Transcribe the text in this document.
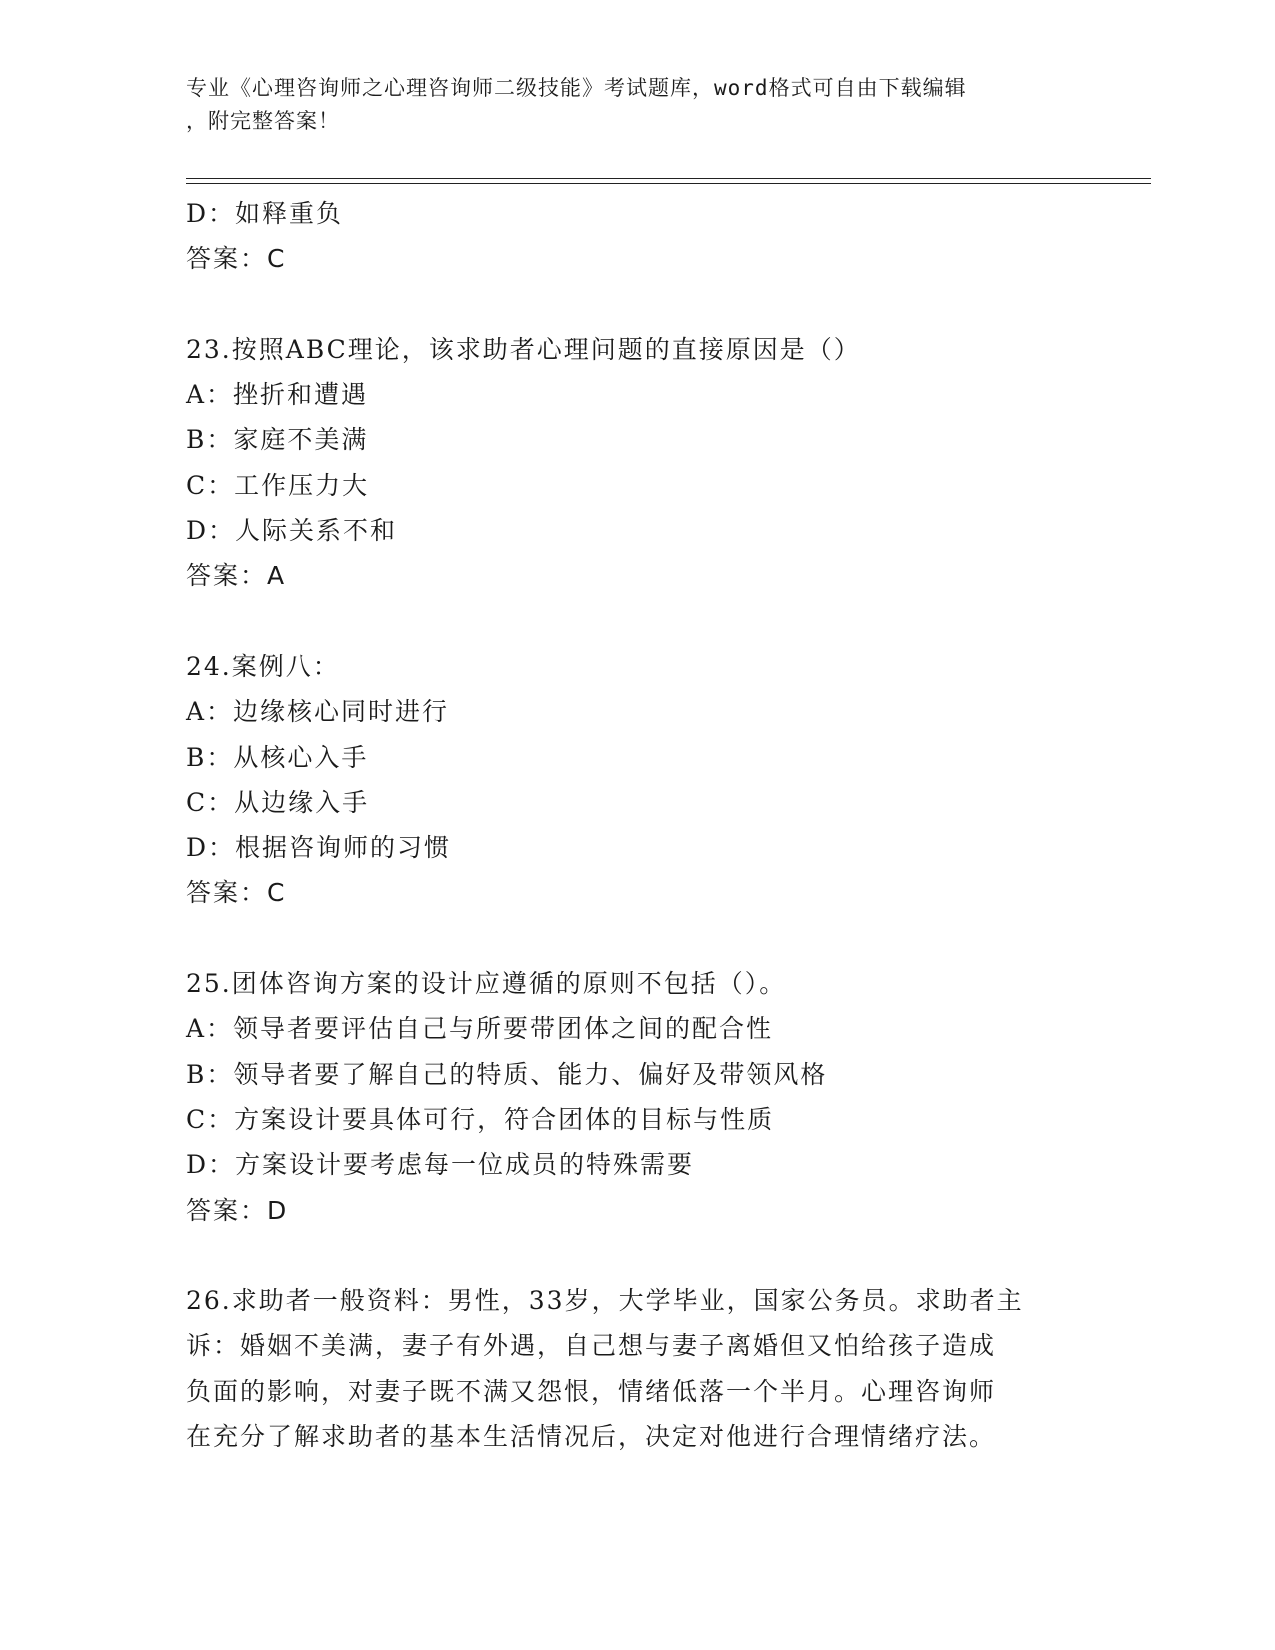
专业《心理咨询师之心理咨询师二级技能》考试题库，word格式可自由下载编辑
，附完整答案！
D：如释重负
答案：C
23.按照ABC理论，该求助者心理问题的直接原因是（）
A：挫折和遭遇
B：家庭不美满
C：工作压力大
D：人际关系不和
答案：A
24.案例八：
A：边缘核心同时进行
B：从核心入手
C：从边缘入手
D：根据咨询师的习惯
答案：C
25.团体咨询方案的设计应遵循的原则不包括（）。
A：领导者要评估自己与所要带团体之间的配合性
B：领导者要了解自己的特质、能力、偏好及带领风格
C：方案设计要具体可行，符合团体的目标与性质
D：方案设计要考虑每一位成员的特殊需要
答案：D
26.求助者一般资料：男性，33岁，大学毕业，国家公务员。求助者主
诉：婚姻不美满，妻子有外遇，自己想与妻子离婚但又怕给孩子造成
负面的影响，对妻子既不满又怨恨，情绪低落一个半月。心理咨询师
在充分了解求助者的基本生活情况后，决定对他进行合理情绪疗法。
